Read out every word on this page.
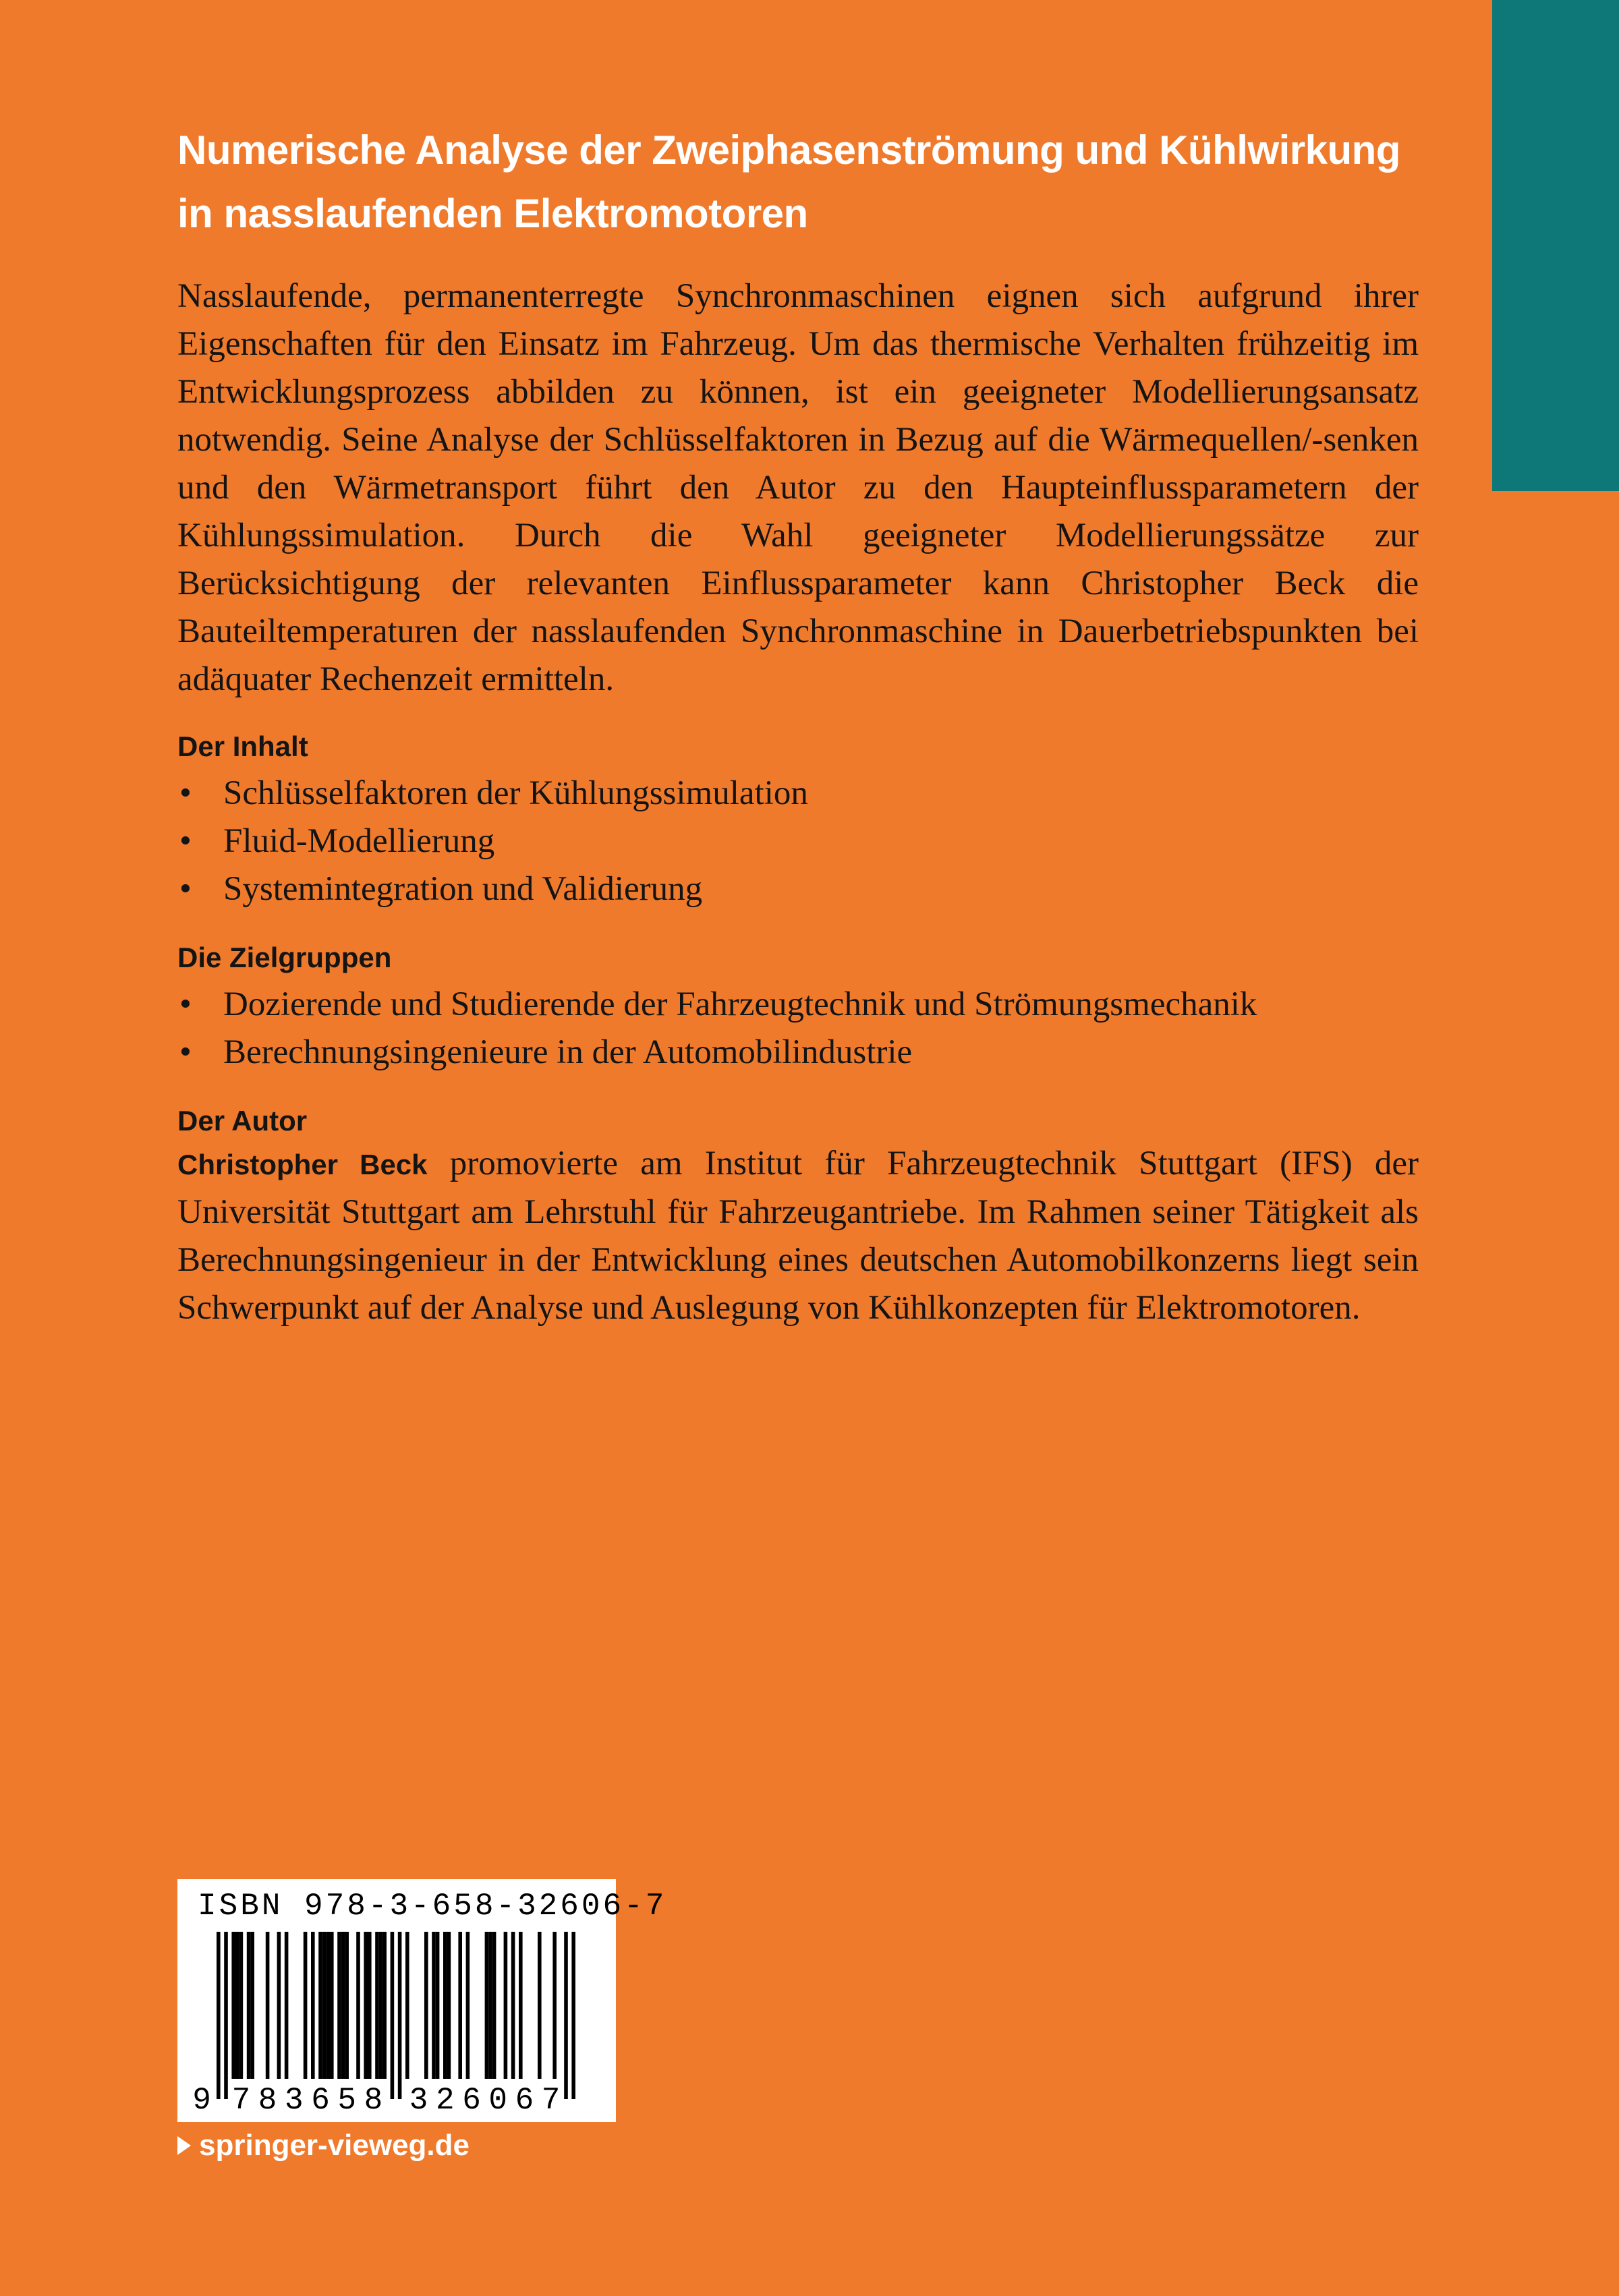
Numerische Analyse der Zweiphasenströmung und Kühlwirkung in nasslaufenden Elektromotoren

Nasslaufende, permanenterregte Synchronmaschinen eignen sich aufgrund ihrer Eigenschaften für den Einsatz im Fahrzeug. Um das thermische Verhalten frühzeitig im Entwicklungsprozess abbilden zu können, ist ein geeigneter Modellierungsansatz notwendig. Seine Analyse der Schlüsselfaktoren in Bezug auf die Wärmequellen/-senken und den Wärmetransport führt den Autor zu den Haupteinflussparametern der Kühlungssimulation. Durch die Wahl geeigneter Modellierungssätze zur Berücksichtigung der relevanten Einflussparameter kann Christopher Beck die Bauteiltemperaturen der nasslaufenden Synchronmaschine in Dauerbetriebspunkten bei adäquater Rechenzeit ermitteln.

Der Inhalt
• Schlüsselfaktoren der Kühlungssimulation
• Fluid-Modellierung
• Systemintegration und Validierung
Die Zielgruppen
• Dozierende und Studierende der Fahrzeugtechnik und Strömungsmechanik
• Berechnungsingenieure in der Automobilindustrie
Der Autor

Christopher Beck promovierte am Institut für Fahrzeugtechnik Stuttgart (IFS) der Universität Stuttgart am Lehrstuhl für Fahrzeugantriebe. Im Rahmen seiner Tätigkeit als Berechnungsingenieur in der Entwicklung eines deutschen Automobilkonzerns liegt sein Schwerpunkt auf der Analyse und Auslegung von Kühlkonzepten für Elektromotoren.

ISBN 978-3-658-32606-7
9 7 8 3 6 5 8 3 2 6 0 6 7
springer-vieweg.de
